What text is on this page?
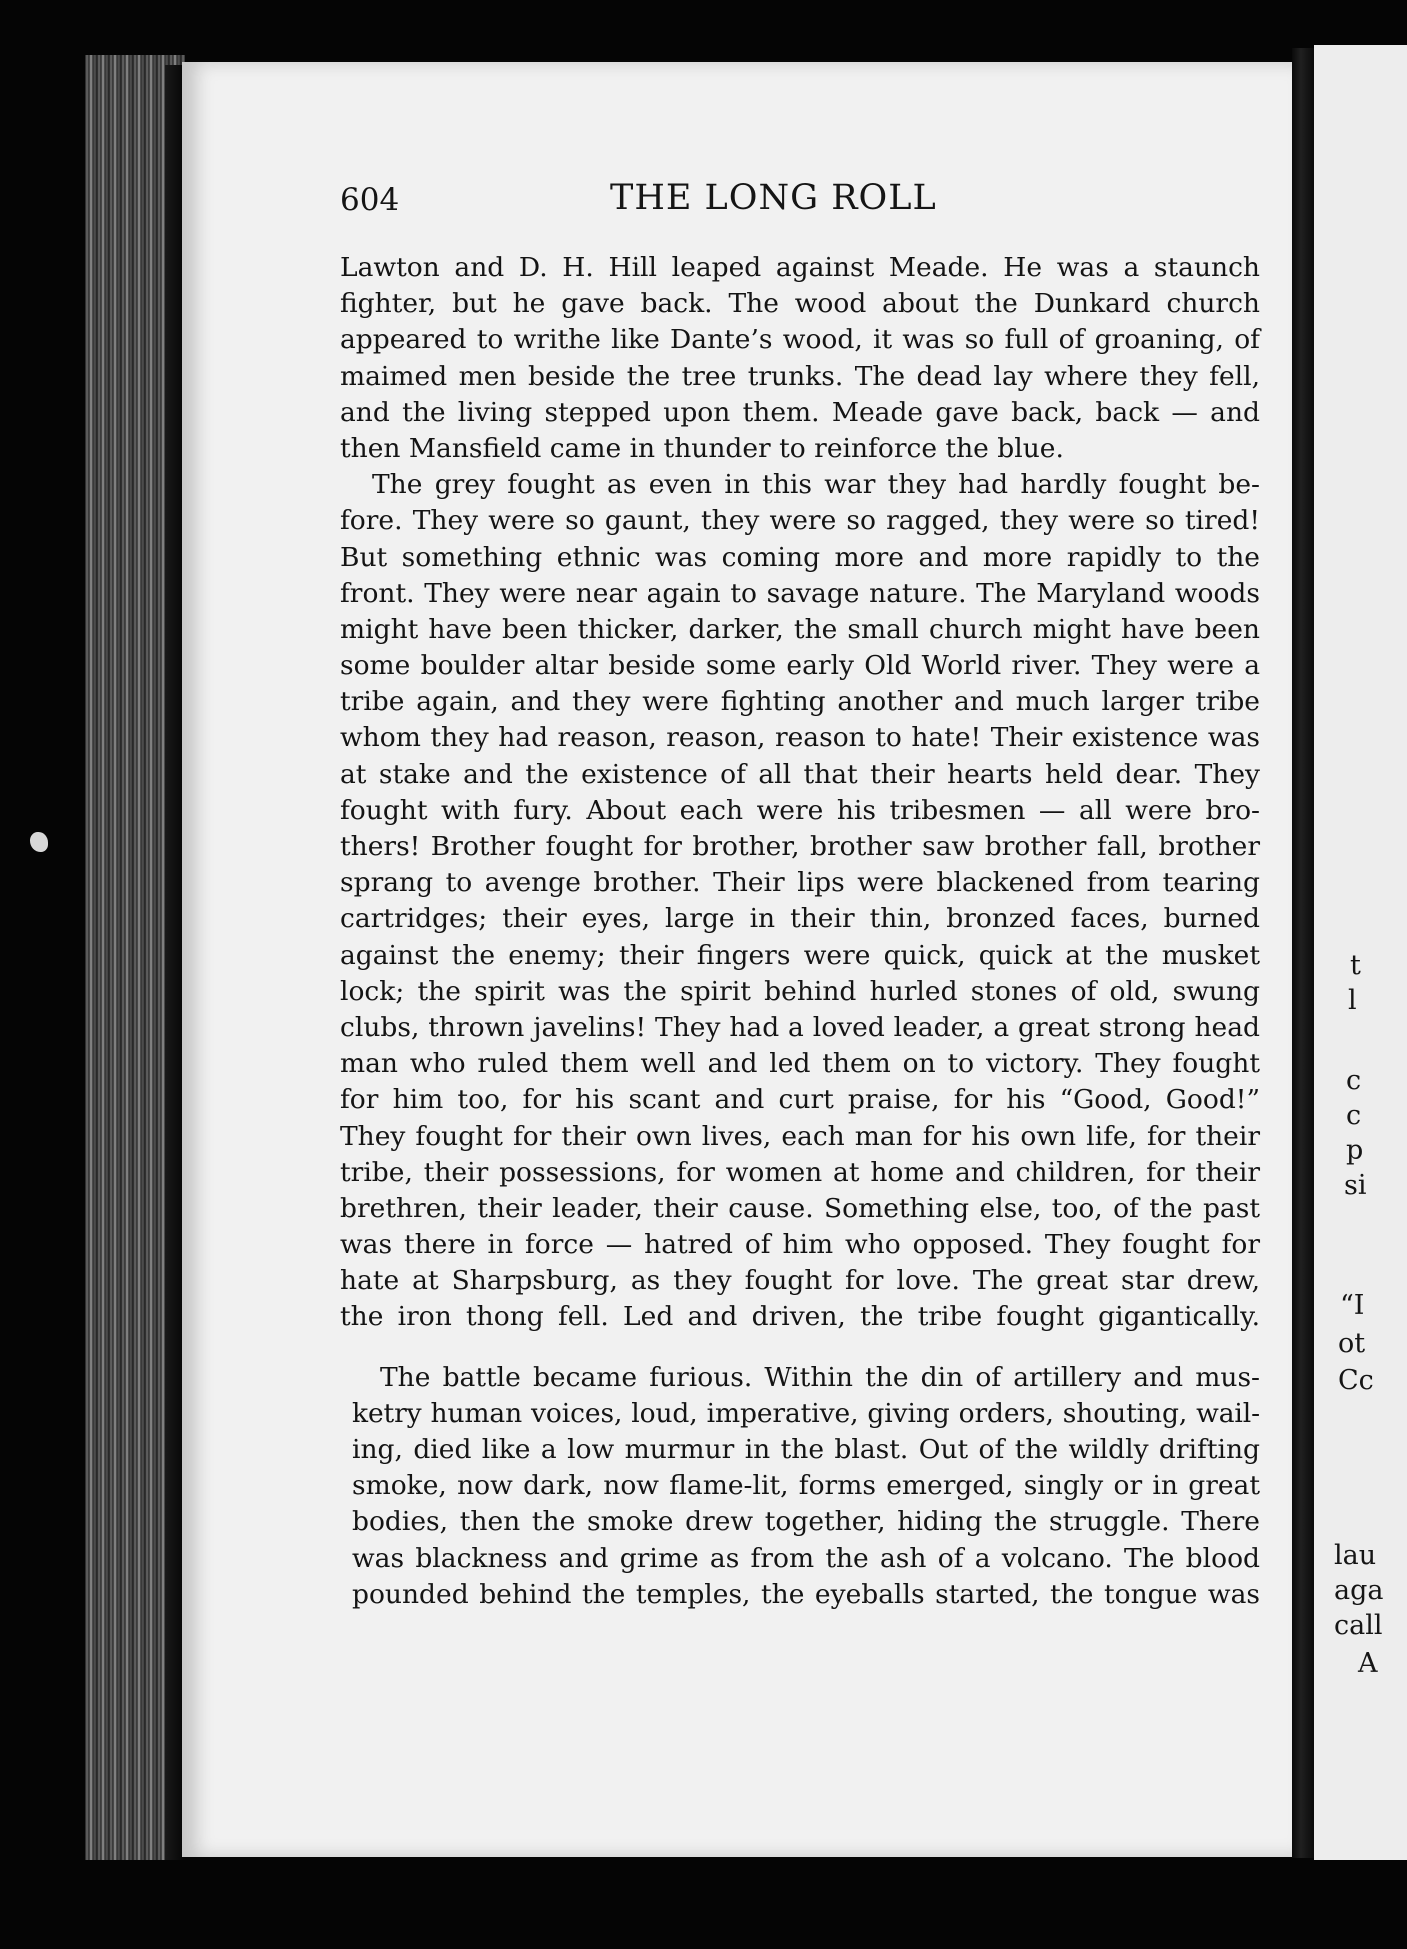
t
l
c
c
p
si
“I
ot
Cc
lau
aga
call
A
604	THE LONG ROLL
Lawton and D. H. Hill leaped against Meade. He was a staunch
fighter, but he gave back. The wood about the Dunkard church
appeared to writhe like Dante’s wood, it was so full of groaning, of
maimed men beside the tree trunks. The dead lay where they fell,
and the living stepped upon them. Meade gave back, back — and
then Mansfield came in thunder to reinforce the blue.
The grey fought as even in this war they had hardly fought be-
fore. They were so gaunt, they were so ragged, they were so tired!
But something ethnic was coming more and more rapidly to the
front. They were near again to savage nature. The Maryland woods
might have been thicker, darker, the small church might have been
some boulder altar beside some early Old World river. They were a
tribe again, and they were fighting another and much larger tribe
whom they had reason, reason, reason to hate! Their existence was
at stake and the existence of all that their hearts held dear. They
fought with fury. About each were his tribesmen — all were bro-
thers! Brother fought for brother, brother saw brother fall, brother
sprang to avenge brother. Their lips were blackened from tearing
cartridges; their eyes, large in their thin, bronzed faces, burned
against the enemy; their fingers were quick, quick at the musket
lock; the spirit was the spirit behind hurled stones of old, swung
clubs, thrown javelins! They had a loved leader, a great strong head
man who ruled them well and led them on to victory. They fought
for him too, for his scant and curt praise, for his “Good, Good!”
They fought for their own lives, each man for his own life, for their
tribe, their possessions, for women at home and children, for their
brethren, their leader, their cause. Something else, too, of the past
was there in force — hatred of him who opposed. They fought for
hate at Sharpsburg, as they fought for love. The great star drew,
the iron thong fell. Led and driven, the tribe fought gigantically.
The battle became furious. Within the din of artillery and mus-
ketry human voices, loud, imperative, giving orders, shouting, wail-
ing, died like a low murmur in the blast. Out of the wildly drifting
smoke, now dark, now flame-lit, forms emerged, singly or in great
bodies, then the smoke drew together, hiding the struggle. There
was blackness and grime as from the ash of a volcano. The blood
pounded behind the temples, the eyeballs started, the tongue was
